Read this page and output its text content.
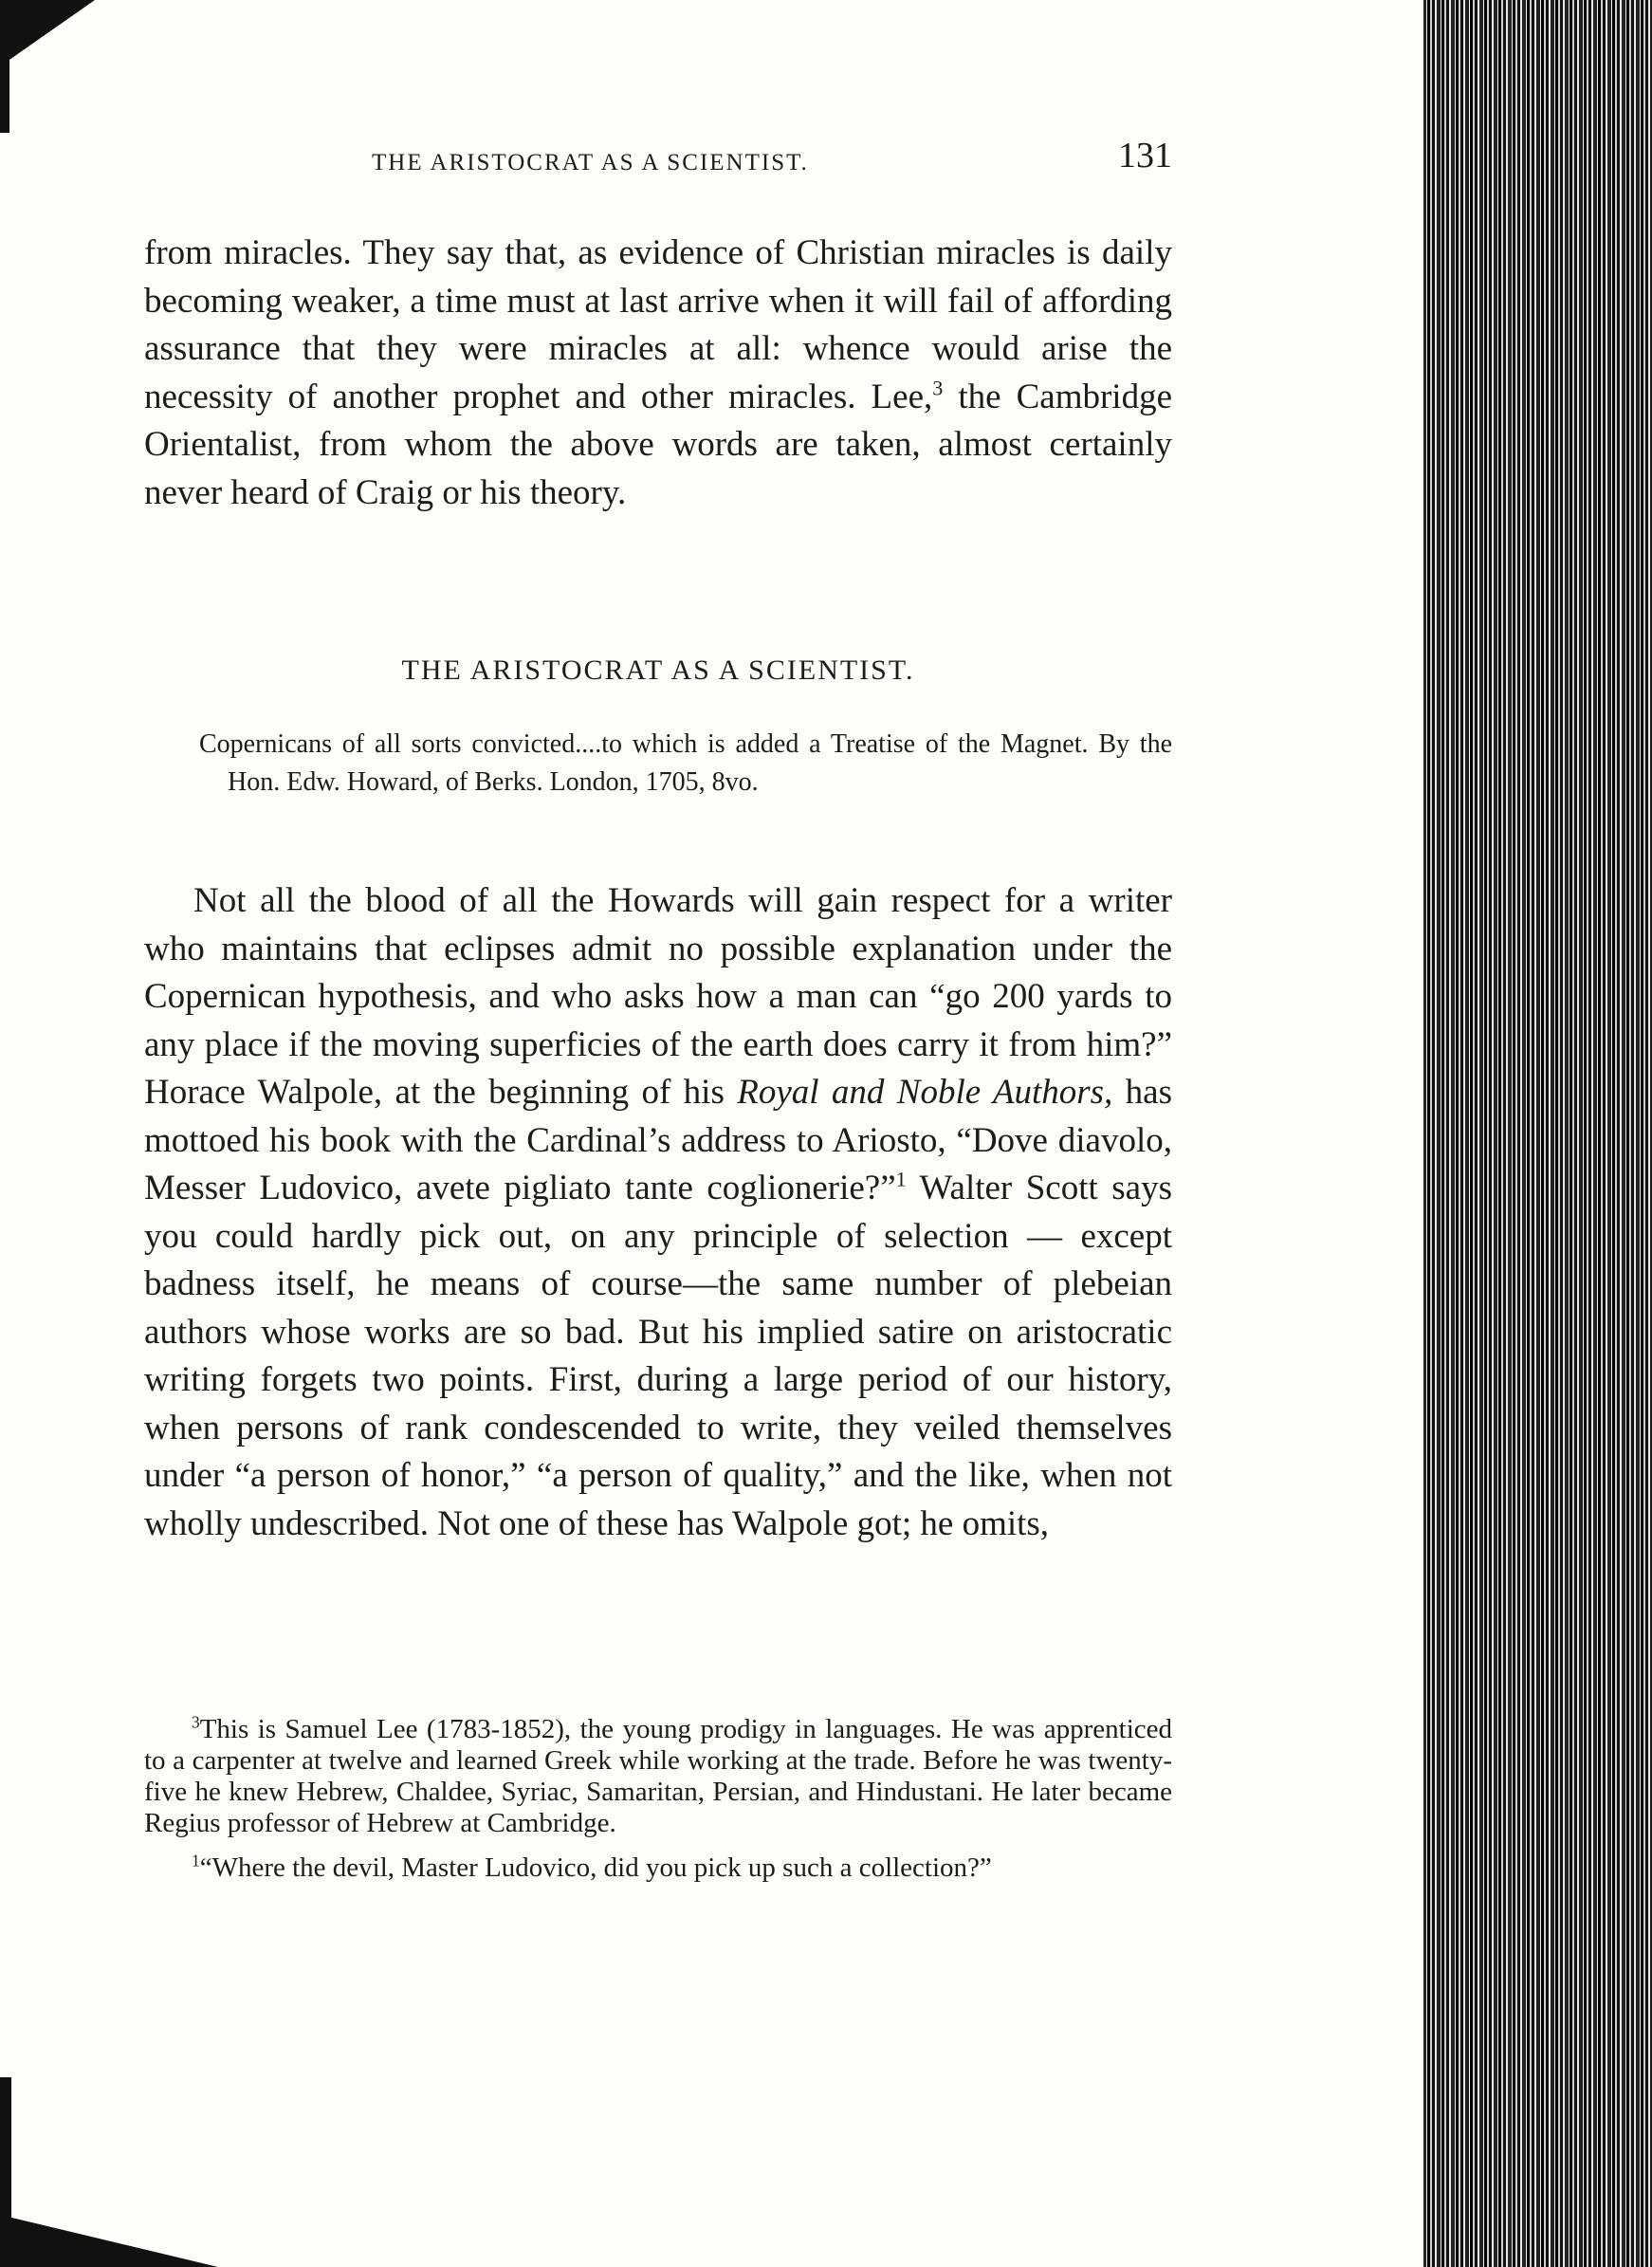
THE ARISTOCRAT AS A SCIENTIST.	131

from miracles. They say that, as evidence of Christian miracles is daily becoming weaker, a time must at last arrive when it will fail of affording assurance that they were miracles at all: whence would arise the necessity of another prophet and other miracles. Lee,$^3$ the Cambridge Orientalist, from whom the above words are taken, almost certainly never heard of Craig or his theory.

THE ARISTOCRAT AS A SCIENTIST.

Copernicans of all sorts convicted....to which is added a Treatise of the Magnet. By the Hon. Edw. Howard, of Berks. London, 1705, 8vo.

Not all the blood of all the Howards will gain respect for a writer who maintains that eclipses admit no possible explanation under the Copernican hypothesis, and who asks how a man can “go 200 yards to any place if the moving superficies of the earth does carry it from him?” Horace Walpole, at the beginning of his Royal and Noble Authors, has mottoed his book with the Cardinal’s address to Ariosto, “Dove diavolo, Messer Ludovico, avete pigliato tante coglionerie?”$^1$ Walter Scott says you could hardly pick out, on any principle of selection — except badness itself, he means of course—the same number of plebeian authors whose works are so bad. But his implied satire on aristocratic writing forgets two points. First, during a large period of our history, when persons of rank condescended to write, they veiled themselves under “a person of honor,” “a person of quality,” and the like, when not wholly undescribed. Not one of these has Walpole got; he omits,

$^3$This is Samuel Lee (1783-1852), the young prodigy in languages. He was apprenticed to a carpenter at twelve and learned Greek while working at the trade. Before he was twenty-five he knew Hebrew, Chaldee, Syriac, Samaritan, Persian, and Hindustani. He later became Regius professor of Hebrew at Cambridge.

$^1$“Where the devil, Master Ludovico, did you pick up such a collection?”
